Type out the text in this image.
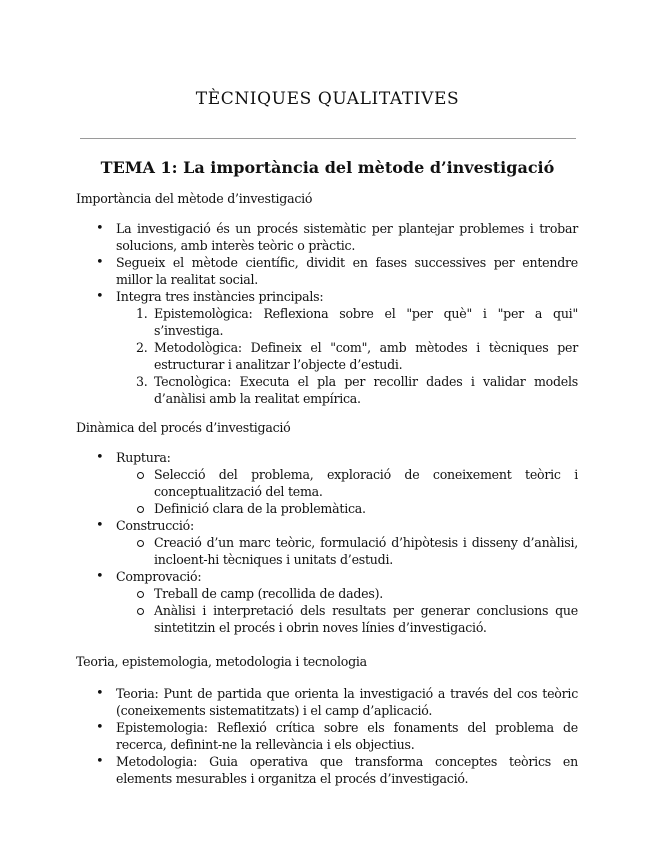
TÈCNIQUES QUALITATIVES
TEMA 1: La importància del mètode d’investigació

Importància del mètode d’investigació

• La investigació és un procés sistemàtic per plantejar problemes i trobar solucions, amb interès teòric o pràctic.
• Segueix el mètode científic, dividit en fases successives per entendre millor la realitat social.
• Integra tres instàncies principals:
1. Epistemològica: Reflexiona sobre el "per què" i "per a qui" s’investiga.
2. Metodològica: Defineix el "com", amb mètodes i tècniques per estructurar i analitzar l’objecte d’estudi.
3. Tecnològica: Executa el pla per recollir dades i validar models d’anàlisi amb la realitat empírica.

Dinàmica del procés d’investigació

• Ruptura:
Selecció del problema, exploració de coneixement teòric i conceptualització del tema.
Definició clara de la problemàtica.
• Construcció:
Creació d’un marc teòric, formulació d’hipòtesis i disseny d’anàlisi, incloent-hi tècniques i unitats d’estudi.
• Comprovació:
Treball de camp (recollida de dades).
Anàlisi i interpretació dels resultats per generar conclusions que sintetitzin el procés i obrin noves línies d’investigació.

Teoria, epistemologia, metodologia i tecnologia

• Teoria: Punt de partida que orienta la investigació a través del cos teòric (coneixements sistematitzats) i el camp d’aplicació.
• Epistemologia: Reflexió crítica sobre els fonaments del problema de recerca, definint-ne la rellevància i els objectius.
• Metodologia: Guia operativa que transforma conceptes teòrics en elements mesurables i organitza el procés d’investigació.
